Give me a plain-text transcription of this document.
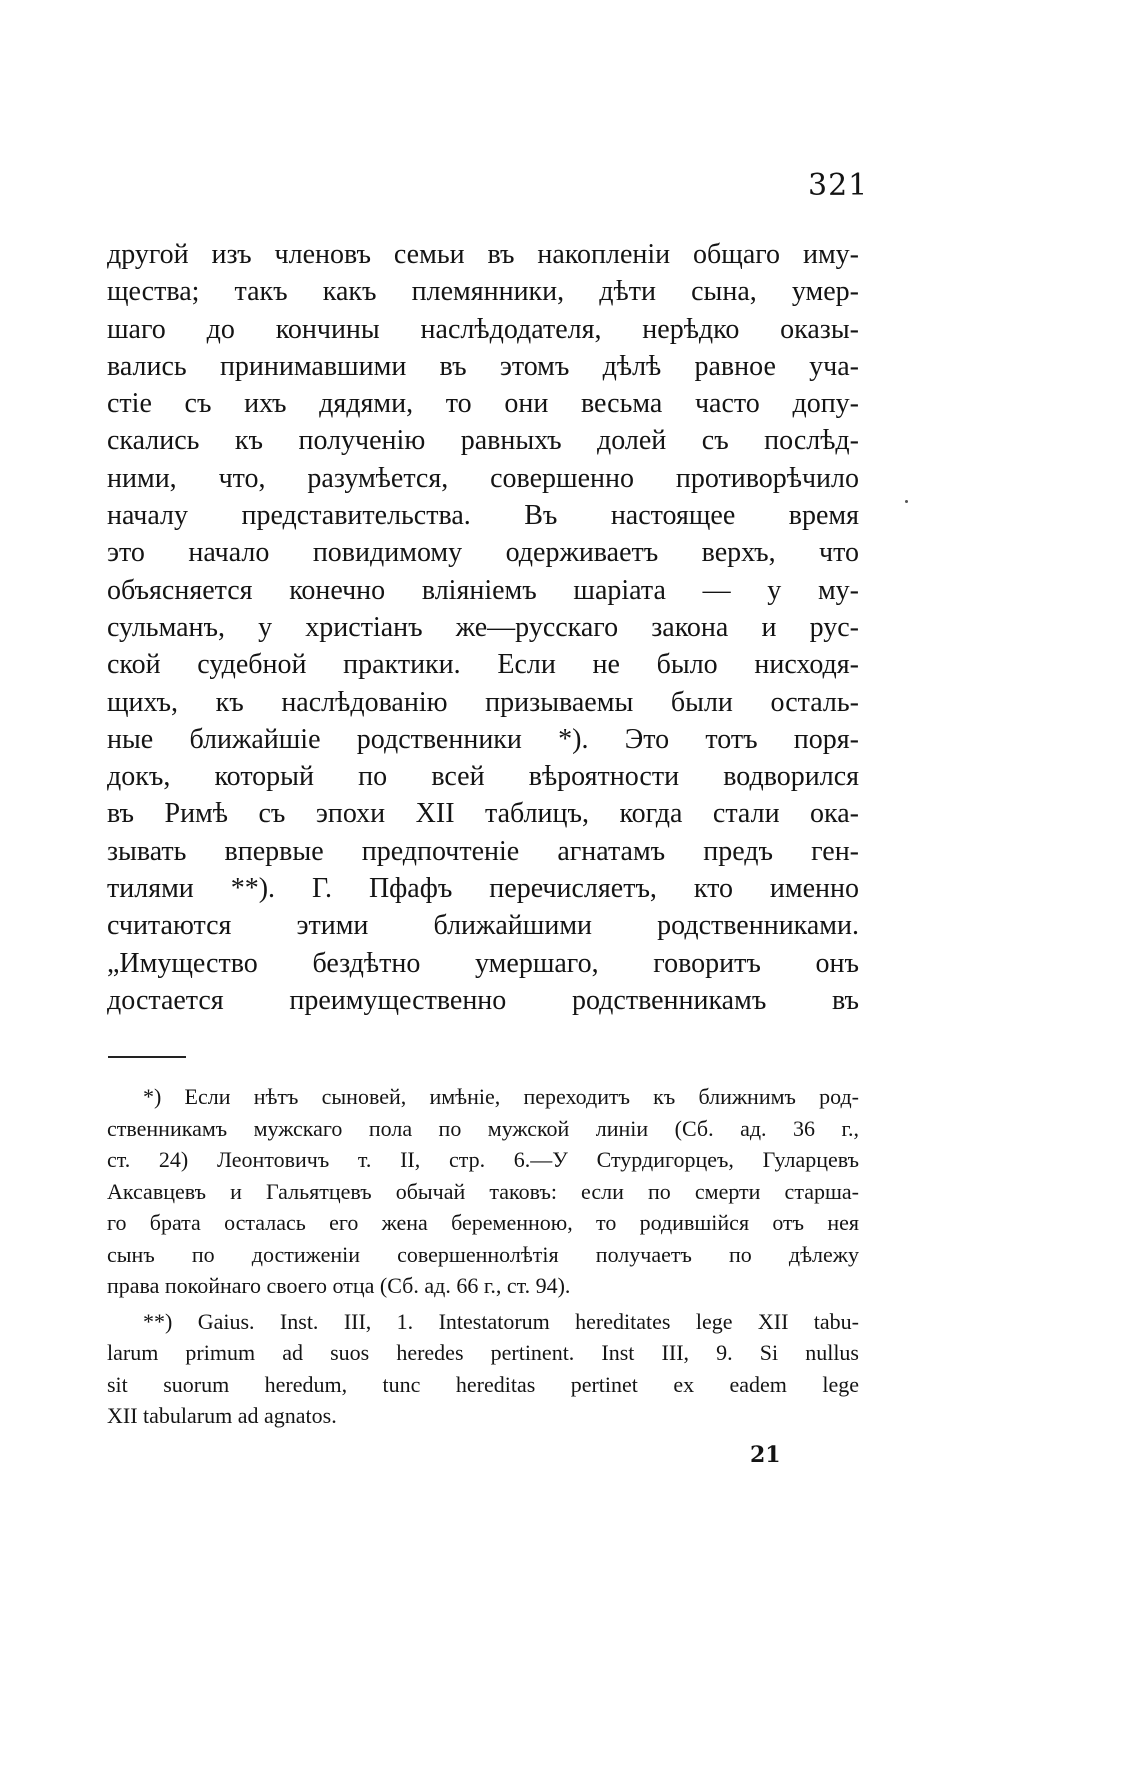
321
другой изъ членовъ семьи въ накопленіи общаго иму-
щества; такъ какъ племянники, дѣти сына, умер-
шаго до кончины наслѣдодателя, нерѣдко оказы-
вались принимавшими въ этомъ дѣлѣ равное уча-
стіе съ ихъ дядями, то они весьма часто допу-
скались къ полученію равныхъ долей съ послѣд-
ними, что, разумѣется, совершенно противорѣчило
началу представительства. Въ настоящее время
это начало повидимому одерживаетъ верхъ, что
объясняется конечно вліяніемъ шаріата — у му-
сульманъ, у христіанъ же—русскаго закона и рус-
ской судебной практики. Если не было нисходя-
щихъ, къ наслѣдованію призываемы были осталь-
ные ближайшіе родственники *). Это тотъ поря-
докъ, который по всей вѣроятности водворился
въ Римѣ съ эпохи XII таблицъ, когда стали ока-
зывать впервые предпочтеніе агнатамъ предъ ген-
тилями **). Г. Пфафъ перечисляетъ, кто именно
считаются этими ближайшими родственниками.
„Имущество бездѣтно умершаго, говоритъ онъ
достается преимущественно родственникамъ въ
*) Если нѣтъ сыновей, имѣніе, переходитъ къ ближнимъ род-
ственникамъ мужскаго пола по мужской линіи (Сб. ад. 36 г.,
ст. 24) Леонтовичъ т. II, стр. 6.—У Стурдигорцеъ, Гуларцевъ
Аксавцевъ и Гальятцевъ обычай таковъ: если по смерти старша-
го брата осталась его жена беременною, то родившійся отъ нея
сынъ по достиженіи совершеннолѣтія получаетъ по дѣлежу
права покойнаго своего отца (Сб. ад. 66 г., ст. 94).
**) Gaius. Inst. III, 1. Intestatorum hereditates lege XII tabu-
larum primum ad suos heredes pertinent. Inst III, 9. Si nullus
sit suorum heredum, tunc hereditas pertinet ex eadem lege
XII tabularum ad agnatos.
21
